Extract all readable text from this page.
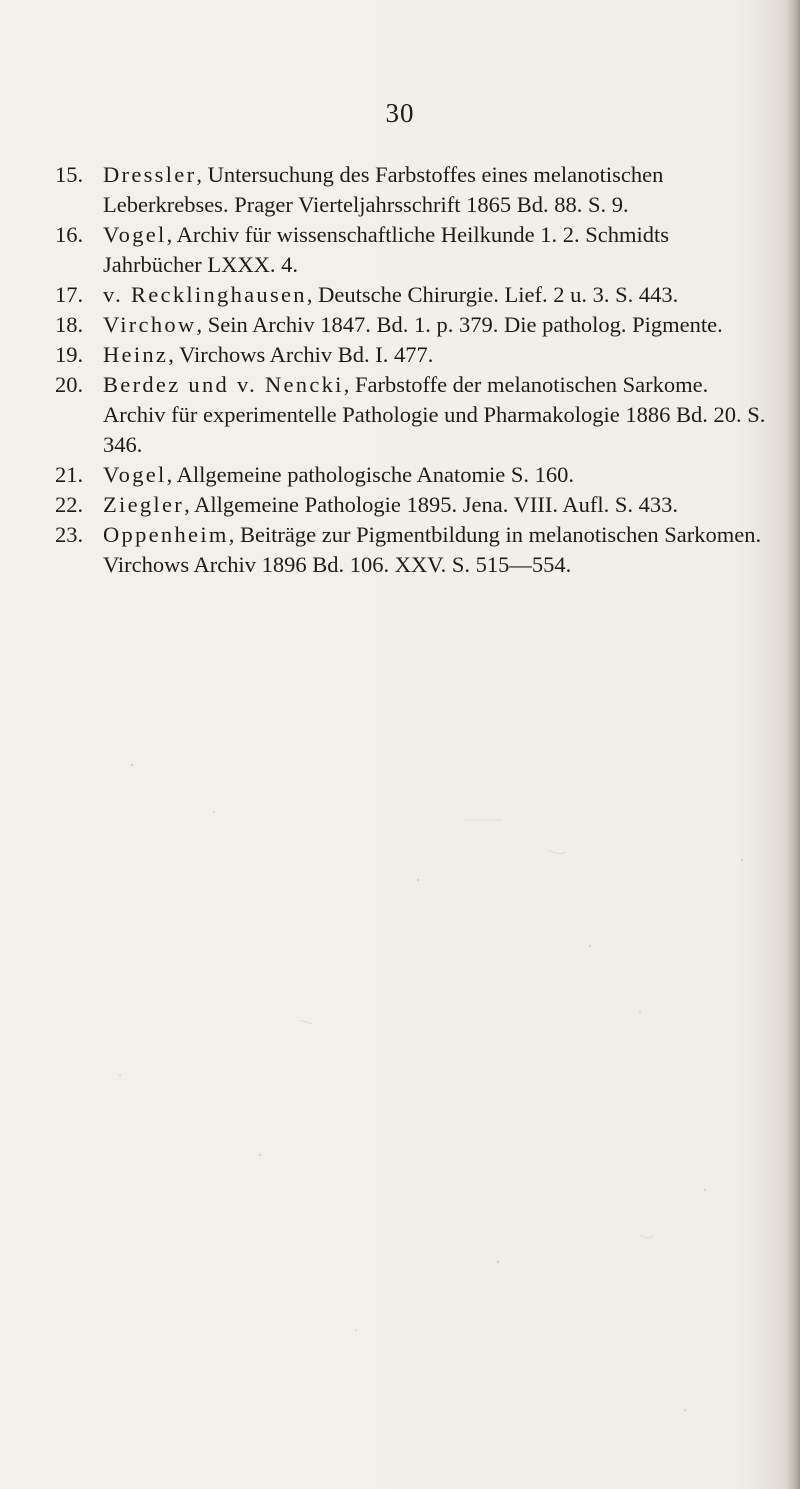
30
15. Dressler, Untersuchung des Farbstoffes eines melanotischen Leberkrebses. Prager Vierteljahrsschrift 1865 Bd. 88. S. 9.
16. Vogel, Archiv für wissenschaftliche Heilkunde 1. 2. Schmidts Jahrbücher LXXX. 4.
17. v. Recklinghausen, Deutsche Chirurgie. Lief. 2 u. 3. S. 443.
18. Virchow, Sein Archiv 1847. Bd. 1. p. 379. Die patholog. Pigmente.
19. Heinz, Virchows Archiv Bd. I. 477.
20. Berdez und v. Nencki, Farbstoffe der melanotischen Sarkome. Archiv für experimentelle Pathologie und Pharmakologie 1886 Bd. 20. S. 346.
21. Vogel, Allgemeine pathologische Anatomie S. 160.
22. Ziegler, Allgemeine Pathologie 1895. Jena. VIII. Aufl. S. 433.
23. Oppenheim, Beiträge zur Pigmentbildung in melanotischen Sarkomen. Virchows Archiv 1896 Bd. 106. XXV. S. 515—554.
